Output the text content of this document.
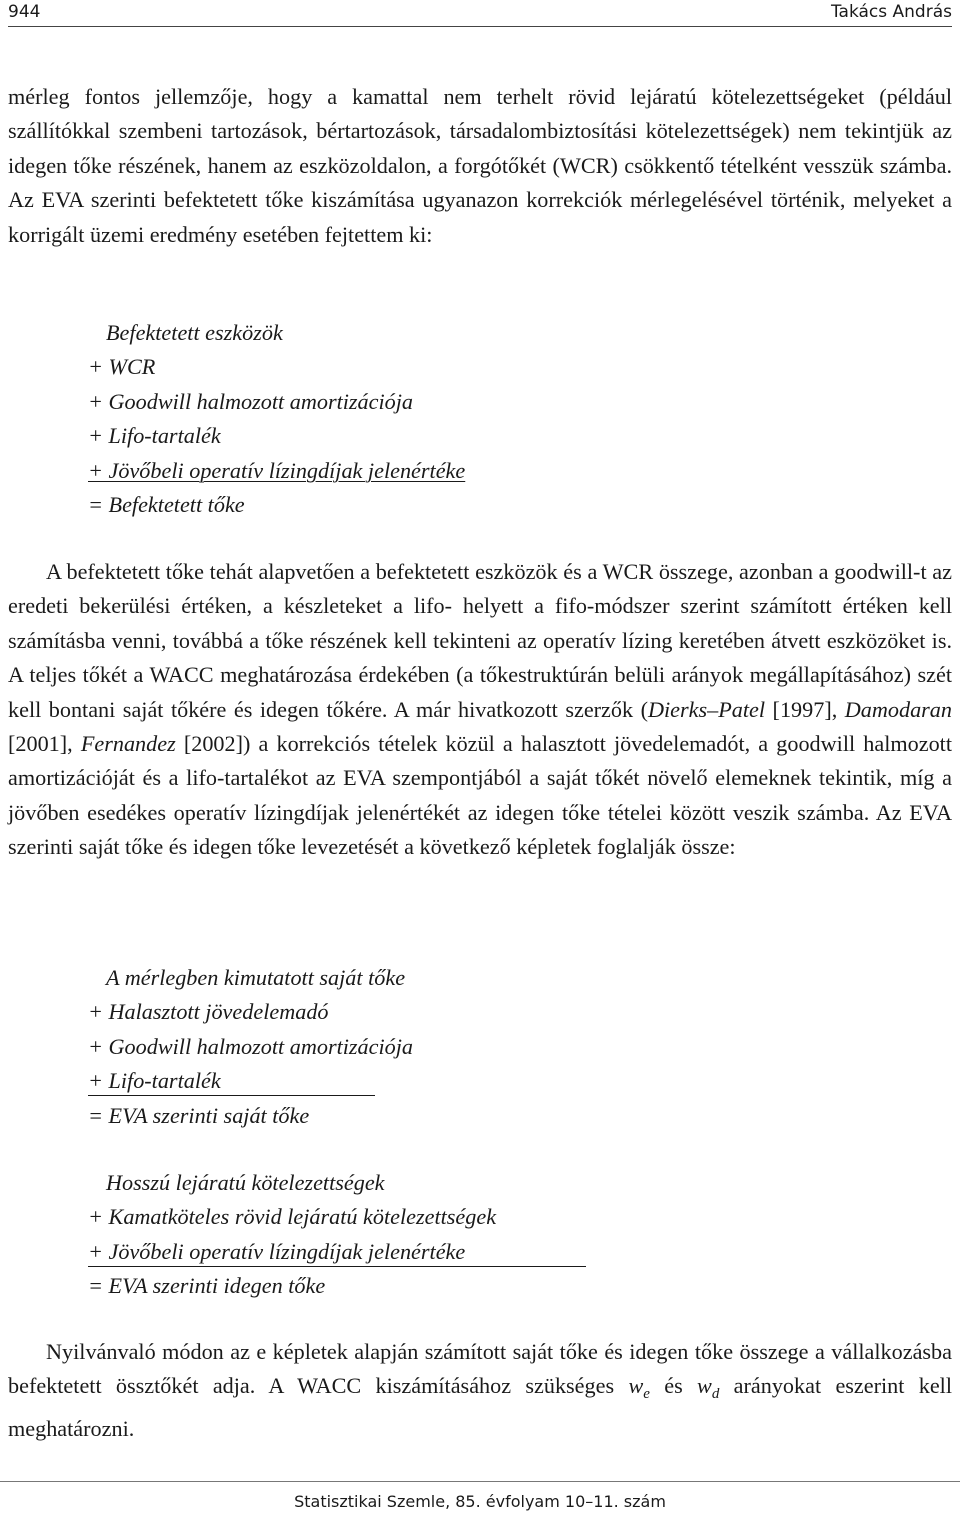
944	Takács András

mérleg fontos jellemzője, hogy a kamattal nem terhelt rövid lejáratú kötelezettségeket (például szállítókkal szembeni tartozások, bértartozások, társadalombiztosítási kötelezettségek) nem tekintjük az idegen tőke részének, hanem az eszközoldalon, a forgótőkét (WCR) csökkentő tételként vesszük számba. Az EVA szerinti befektetett tőke kiszámítása ugyanazon korrekciók mérlegelésével történik, melyeket a korrigált üzemi eredmény esetében fejtettem ki:

Befektetett eszközök
+ WCR
+ Goodwill halmozott amortizációja
+ Lifo-tartalék
+ Jövőbeli operatív lízingdíjak jelenértéke
= Befektetett tőke

A befektetett tőke tehát alapvetően a befektetett eszközök és a WCR összege, azonban a goodwill-t az eredeti bekerülési értéken, a készleteket a lifo- helyett a fifo-módszer szerint számított értéken kell számításba venni, továbbá a tőke részének kell tekinteni az operatív lízing keretében átvett eszközöket is. A teljes tőkét a WACC meghatározása érdekében (a tőkestruktúrán belüli arányok megállapításához) szét kell bontani saját tőkére és idegen tőkére. A már hivatkozott szerzők (Dierks–Patel [1997], Damodaran [2001], Fernandez [2002]) a korrekciós tételek közül a halasztott jövedelemadót, a goodwill halmozott amortizációját és a lifo-tartalékot az EVA szempontjából a saját tőkét növelő elemeknek tekintik, míg a jövőben esedékes operatív lízingdíjak jelenértékét az idegen tőke tételei között veszik számba. Az EVA szerinti saját tőke és idegen tőke levezetését a következő képletek foglalják össze:

A mérlegben kimutatott saját tőke
+ Halasztott jövedelemadó
+ Goodwill halmozott amortizációja
+ Lifo-tartalék
= EVA szerinti saját tőke
Hosszú lejáratú kötelezettségek
+ Kamatköteles rövid lejáratú kötelezettségek
+ Jövőbeli operatív lízingdíjak jelenértéke
= EVA szerinti idegen tőke

Nyilvánvaló módon az e képletek alapján számított saját tőke és idegen tőke összege a vállalkozásba befektetett össztőkét adja. A WACC kiszámításához szükséges $w_e$ és $w_d$ arányokat eszerint kell meghatározni.

Statisztikai Szemle, 85. évfolyam 10–11. szám
